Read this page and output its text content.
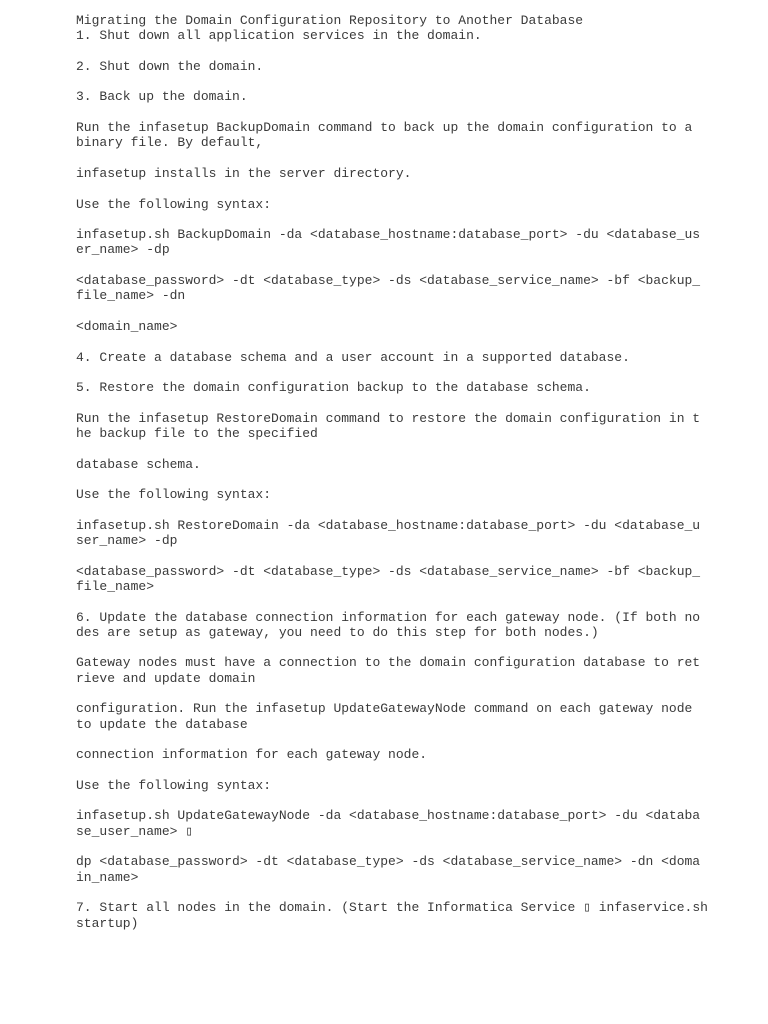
Migrating the Domain Configuration Repository to Another Database
1. Shut down all application services in the domain.
2. Shut down the domain.
3. Back up the domain.
Run the infasetup BackupDomain command to back up the domain configuration to a
binary file. By default,
infasetup installs in the server directory.
Use the following syntax:
infasetup.sh BackupDomain -da <database_hostname:database_port> -du <database_us
er_name> -dp
<database_password> -dt <database_type> -ds <database_service_name> -bf <backup_
file_name> -dn
<domain_name>
4. Create a database schema and a user account in a supported database.
5. Restore the domain configuration backup to the database schema.
Run the infasetup RestoreDomain command to restore the domain configuration in t
he backup file to the specified
database schema.
Use the following syntax:
infasetup.sh RestoreDomain -da <database_hostname:database_port> -du <database_u
ser_name> -dp
<database_password> -dt <database_type> -ds <database_service_name> -bf <backup_
file_name>
6. Update the database connection information for each gateway node. (If both no
des are setup as gateway, you need to do this step for both nodes.)
Gateway nodes must have a connection to the domain configuration database to ret
rieve and update domain
configuration. Run the infasetup UpdateGatewayNode command on each gateway node
to update the database
connection information for each gateway node.
Use the following syntax:
infasetup.sh UpdateGatewayNode -da <database_hostname:database_port> -du <databa
se_user_name> ▯
dp <database_password> -dt <database_type> -ds <database_service_name> -dn <doma
in_name>
7. Start all nodes in the domain. (Start the Informatica Service ▯ infaservice.sh
startup)
